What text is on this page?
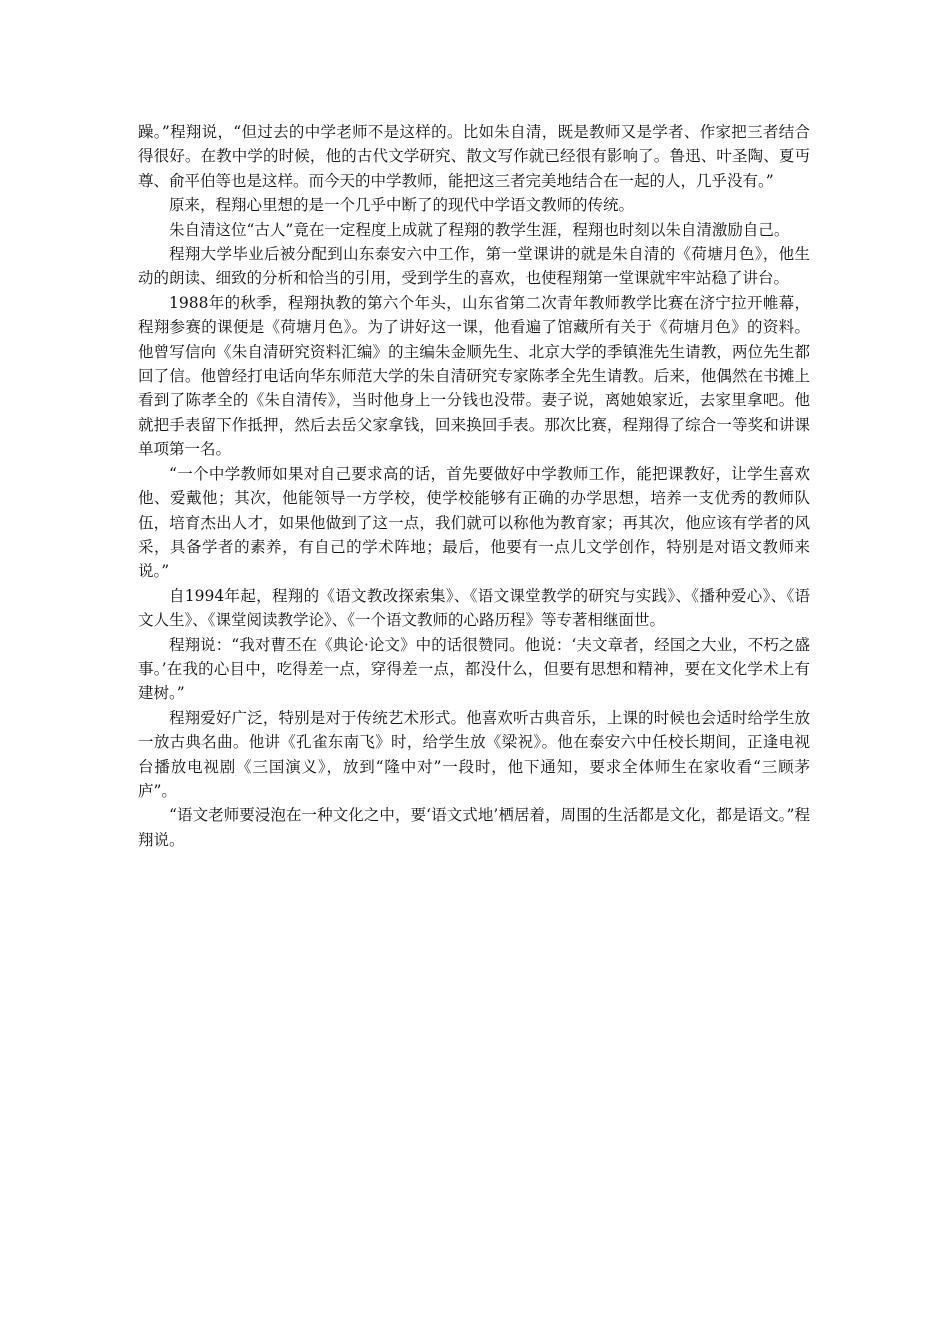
躁。”程翔说，“但过去的中学老师不是这样的。比如朱自清，既是教师又是学者、作家把三者结合得很好。在教中学的时候，他的古代文学研究、散文写作就已经很有影响了。鲁迅、叶圣陶、夏丏尊、俞平伯等也是这样。而今天的中学教师，能把这三者完美地结合在一起的人，几乎没有。”

原来，程翔心里想的是一个几乎中断了的现代中学语文教师的传统。

朱自清这位“古人”竟在一定程度上成就了程翔的教学生涯，程翔也时刻以朱自清激励自己。

程翔大学毕业后被分配到山东泰安六中工作，第一堂课讲的就是朱自清的《荷塘月色》，他生动的朗读、细致的分析和恰当的引用，受到学生的喜欢，也使程翔第一堂课就牢牢站稳了讲台。

1988年的秋季，程翔执教的第六个年头，山东省第二次青年教师教学比赛在济宁拉开帷幕，程翔参赛的课便是《荷塘月色》。为了讲好这一课，他看遍了馆藏所有关于《荷塘月色》的资料。他曾写信向《朱自清研究资料汇编》的主编朱金顺先生、北京大学的季镇淮先生请教，两位先生都回了信。他曾经打电话向华东师范大学的朱自清研究专家陈孝全先生请教。后来，他偶然在书摊上看到了陈孝全的《朱自清传》，当时他身上一分钱也没带。妻子说，离她娘家近，去家里拿吧。他就把手表留下作抵押，然后去岳父家拿钱，回来换回手表。那次比赛，程翔得了综合一等奖和讲课单项第一名。

“一个中学教师如果对自己要求高的话，首先要做好中学教师工作，能把课教好，让学生喜欢他、爱戴他；其次，他能领导一方学校，使学校能够有正确的办学思想，培养一支优秀的教师队伍，培育杰出人才，如果他做到了这一点，我们就可以称他为教育家；再其次，他应该有学者的风采，具备学者的素养，有自己的学术阵地；最后，他要有一点儿文学创作，特别是对语文教师来说。”

自1994年起，程翔的《语文教改探索集》、《语文课堂教学的研究与实践》、《播种爱心》、《语文人生》、《课堂阅读教学论》、《一个语文教师的心路历程》等专著相继面世。

程翔说：“我对曹丕在《典论·论文》中的话很赞同。他说：‘夫文章者，经国之大业，不朽之盛事。’在我的心目中，吃得差一点，穿得差一点，都没什么，但要有思想和精神，要在文化学术上有建树。”

程翔爱好广泛，特别是对于传统艺术形式。他喜欢听古典音乐，上课的时候也会适时给学生放一放古典名曲。他讲《孔雀东南飞》时，给学生放《梁祝》。他在泰安六中任校长期间，正逢电视台播放电视剧《三国演义》，放到“隆中对”一段时，他下通知，要求全体师生在家收看“三顾茅庐”。

“语文老师要浸泡在一种文化之中，要‘语文式地’栖居着，周围的生活都是文化，都是语文。”程翔说。
